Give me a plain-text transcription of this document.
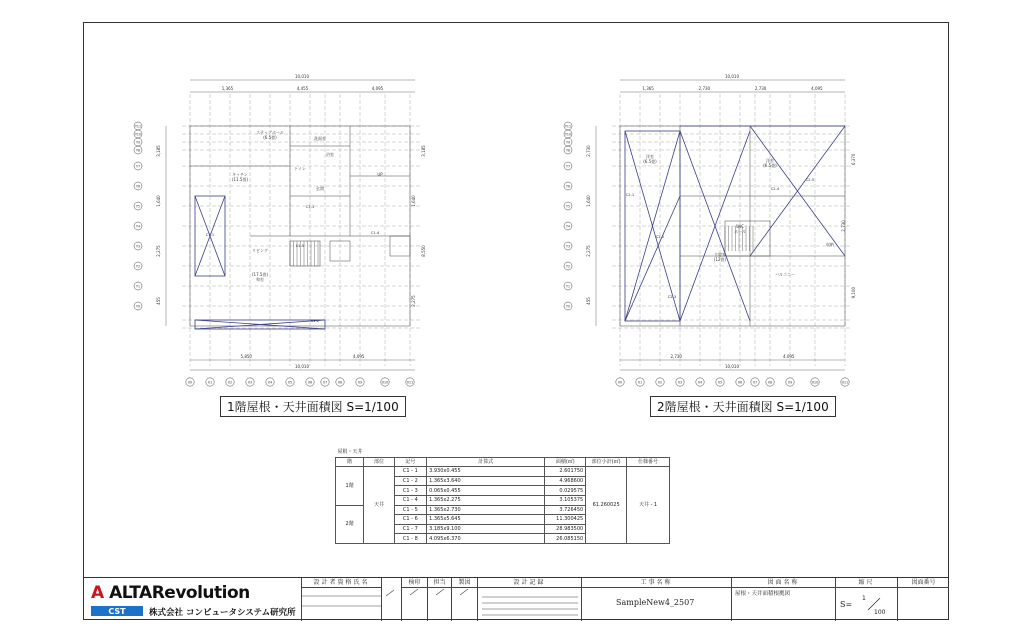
ステップホール
(6.5畳)	洗面室
キッチン
(11.5畳)
浴室
トイレ
玄関
UP
リビング
(17.5畳)
和室
C1-1
C1-2
C1-3
C1-4
C1-5
10,010
1,365	4,455	4,095
5,850	4,095
10,010
3,185
1,640
2,275
455
3,185
1,640
8,550
2,275
Y11
Y10
Y9
Y8
Y7
Y6
Y5
Y4
Y3
Y2
Y1
Y0
X0	X1	X2	X3	X4	X5	X6	X7	X8	X9	X10	X11
1階屋根・天井面積図 S=1/100
洋室
(6.5畳)	洋室
(6.5畳)
WIC
ホール
主寝室
(12畳)
収納
バルコニー
C2-1
C2-2
C2-3
C2-4
C2-5
10,010
1,365	2,730	2,730	4,095
2,730	4,095
10,010
2,730
1,640
2,275
455
6,370
2,730
9,100
Y11
Y10
Y9
Y8
Y7
Y6
Y5
Y4
Y3
Y2
Y1
Y0
X0	X1	X2	X3	X4	X5	X6	X7	X8	X9	X10	X11
2階屋根・天井面積図 S=1/100
屋根・天井						
階	部位	記号	計算式	面積(㎡)	部位小計(㎡)	仕様番号
1階	天井	C1 - 1	3.930x0.455	2.601750	61.260025	天井 - 1
		C1 - 2	1.365x3.640	4.968600		
		C1 - 3	0.065x0.455	0.029575		
		C1 - 4	1.365x2.275	3.105375		
2階		C1 - 5	1.365x2.730	3.726450		
		C1 - 6	1.365x5.645	11.300425		
		C1 - 7	3.185x9.100	28.983500		
		C1 - 8	4.095x6.370	26.085150		
A ALTARevolution
CST	株式会社 コンピュータシステム研究所
設計者資格氏名	検印	担当	製図	設計記録	工事名称
SampleNew4_2507
図面名称
屋根・天井面積根拠図
縮尺
S=
1
100
図面番号
